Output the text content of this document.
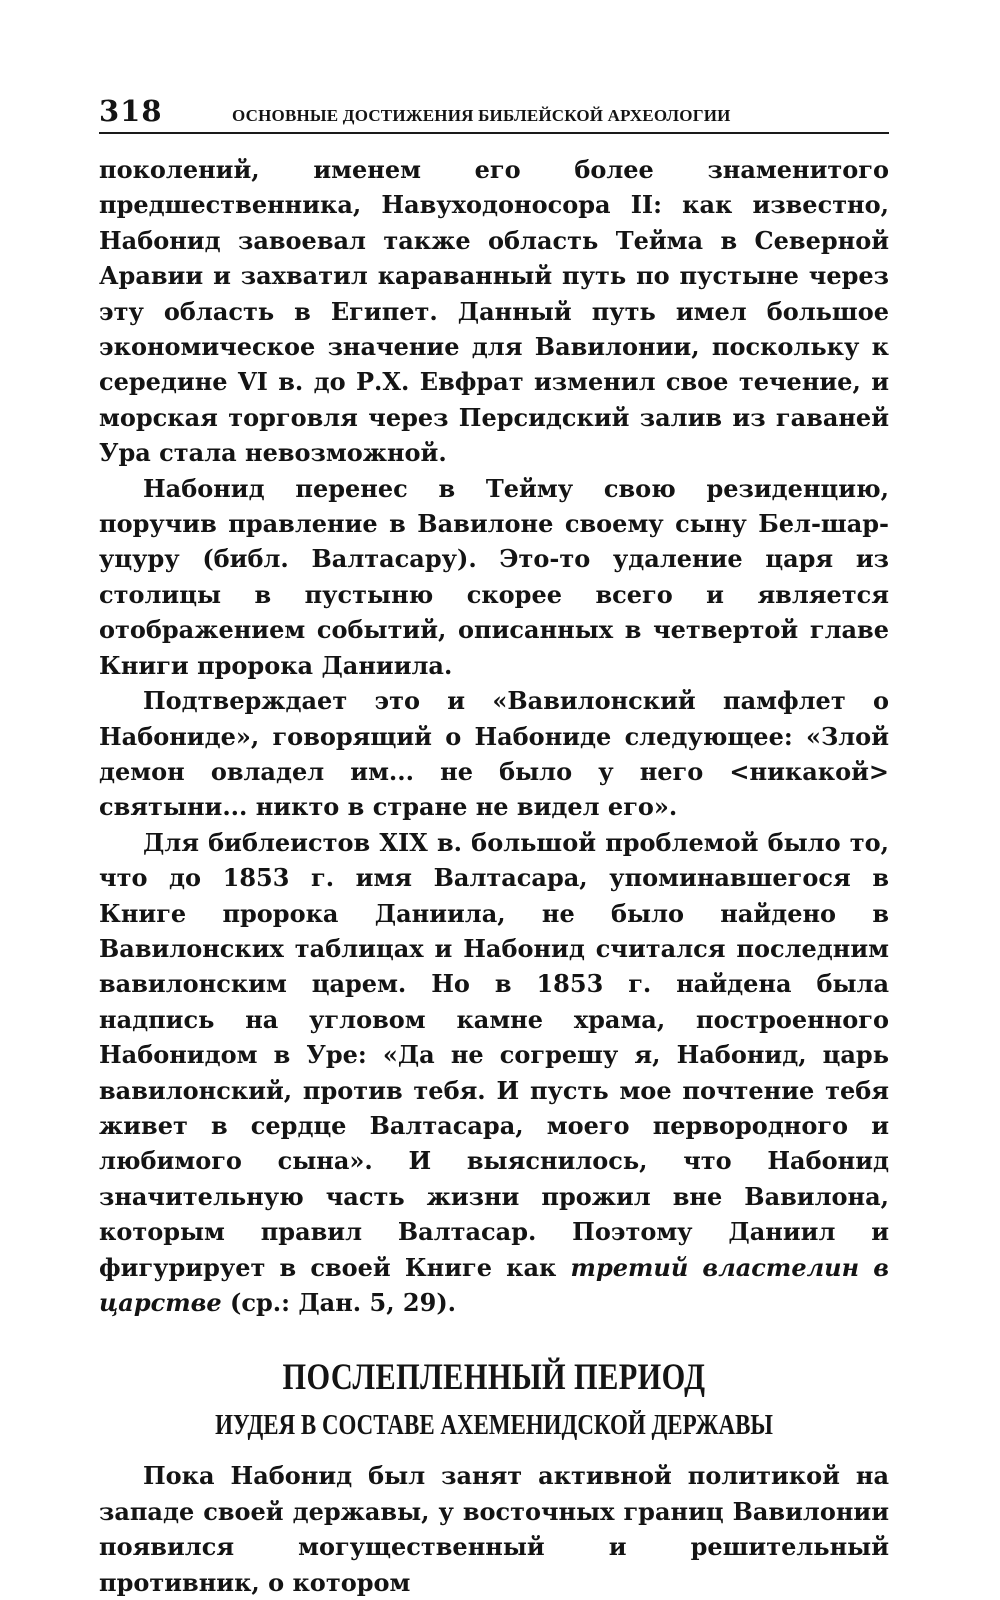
318	ОСНОВНЫЕ ДОСТИЖЕНИЯ БИБЛЕЙСКОЙ АРХЕОЛОГИИ

поколений, именем его более знаменитого предшественника, Навуходоносора II: как известно, Набонид завоевал также область Тейма в Северной Аравии и захватил караванный путь по пустыне через эту область в Египет. Данный путь имел большое экономическое значение для Вавилонии, поскольку к середине VI в. до Р.Х. Евфрат изменил свое течение, и морская торговля через Персидский залив из гаваней Ура стала невозможной.

Набонид перенес в Тейму свою резиденцию, поручив правление в Вавилоне своему сыну Бел-шар-уцуру (библ. Валтасару). Это-то удаление царя из столицы в пустыню скорее всего и является отображением событий, описанных в четвертой главе Книги пророка Даниила.

Подтверждает это и «Вавилонский памфлет о Набониде», говорящий о Набониде следующее: «Злой демон овладел им... не было у него <никакой> святыни... никто в стране не видел его».

Для библеистов XIX в. большой проблемой было то, что до 1853 г. имя Валтасара, упоминавшегося в Книге пророка Даниила, не было найдено в Вавилонских таблицах и Набонид считался последним вавилонским царем. Но в 1853 г. найдена была надпись на угловом камне храма, построенного Набонидом в Уре: «Да не согрешу я, Набонид, царь вавилонский, против тебя. И пусть мое почтение тебя живет в сердце Валтасара, моего первородного и любимого сына». И выяснилось, что Набонид значительную часть жизни прожил вне Вавилона, которым правил Валтасар. Поэтому Даниил и фигурирует в своей Книге как третий властелин в царстве (ср.: Дан. 5, 29).

ПОСЛЕПЛЕННЫЙ ПЕРИОД
ИУДЕЯ В СОСТАВЕ АХЕМЕНИДСКОЙ ДЕРЖАВЫ

Пока Набонид был занят активной политикой на западе своей державы, у восточных границ Вавилонии появился могущественный и решительный противник, о котором
